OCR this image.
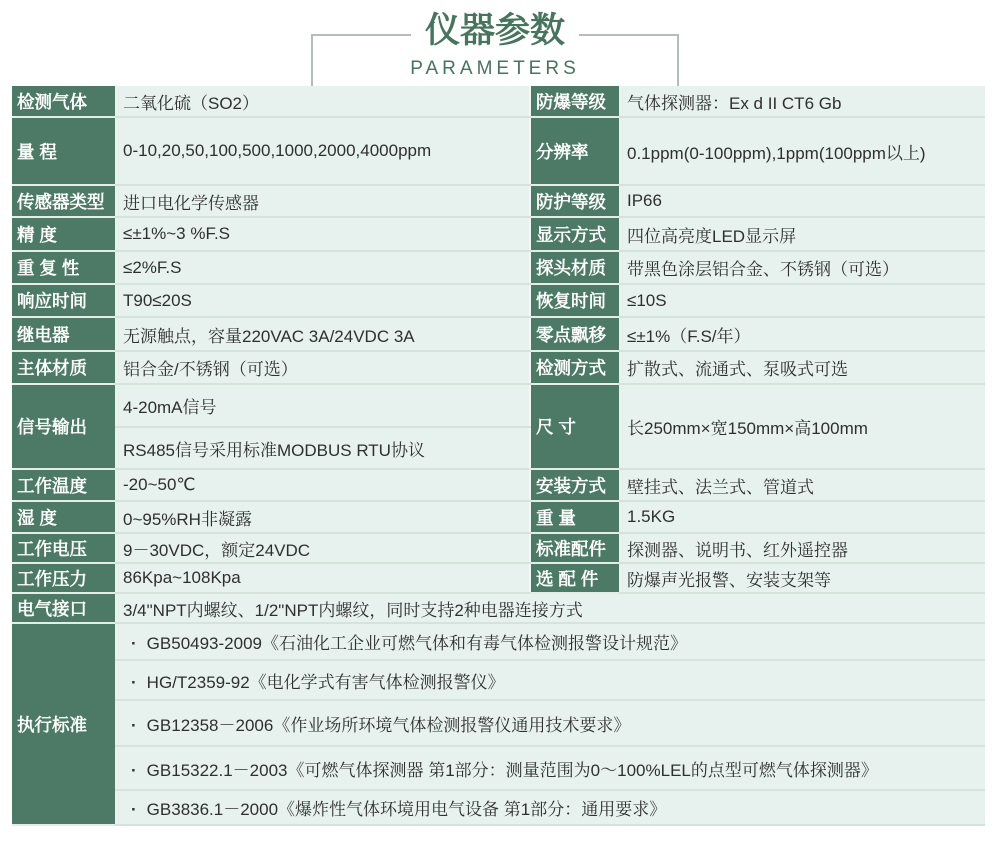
仪器参数
PARAMETERS
检测气体	二氧化硫（SO2）	防爆等级	气体探测器：Ex d II CT6 Gb
量 程	0-10,20,50,100,500,1000,2000,4000ppm	分辨率	0.1ppm(0-100ppm),1ppm(100ppm以上)
传感器类型	进口电化学传感器	防护等级	IP66
精 度	≤±1%~3 %F.S	显示方式	四位高亮度LED显示屏
重 复 性	≤2%F.S	探头材质	带黑色涂层铝合金、不锈钢（可选）
响应时间	T90≤20S	恢复时间	≤10S
继电器	无源触点，容量220VAC 3A/24VDC 3A	零点飘移	≤±1%（F.S/年）
主体材质	铝合金/不锈钢（可选）	检测方式	扩散式、流通式、泵吸式可选
信号输出	4-20mA信号	尺 寸	长250mm×宽150mm×高100mm
	RS485信号采用标准MODBUS RTU协议		
工作温度	-20~50℃	安装方式	壁挂式、法兰式、管道式
湿 度	0~95%RH非凝露	重 量	1.5KG
工作电压	9－30VDC，额定24VDC	标准配件	探测器、说明书、红外遥控器
工作压力	86Kpa~108Kpa	选 配 件	防爆声光报警、安装支架等
电气接口	3/4"NPT内螺纹、1/2"NPT内螺纹，同时支持2种电器连接方式		
执行标准	· GB50493-2009《石油化工企业可燃气体和有毒气体检测报警设计规范》		
	· HG/T2359-92《电化学式有害气体检测报警仪》		
	· GB12358－2006《作业场所环境气体检测报警仪通用技术要求》		
	· GB15322.1－2003《可燃气体探测器 第1部分：测量范围为0～100%LEL的点型可燃气体探测器》		
	· GB3836.1－2000《爆炸性气体环境用电气设备 第1部分：通用要求》		
